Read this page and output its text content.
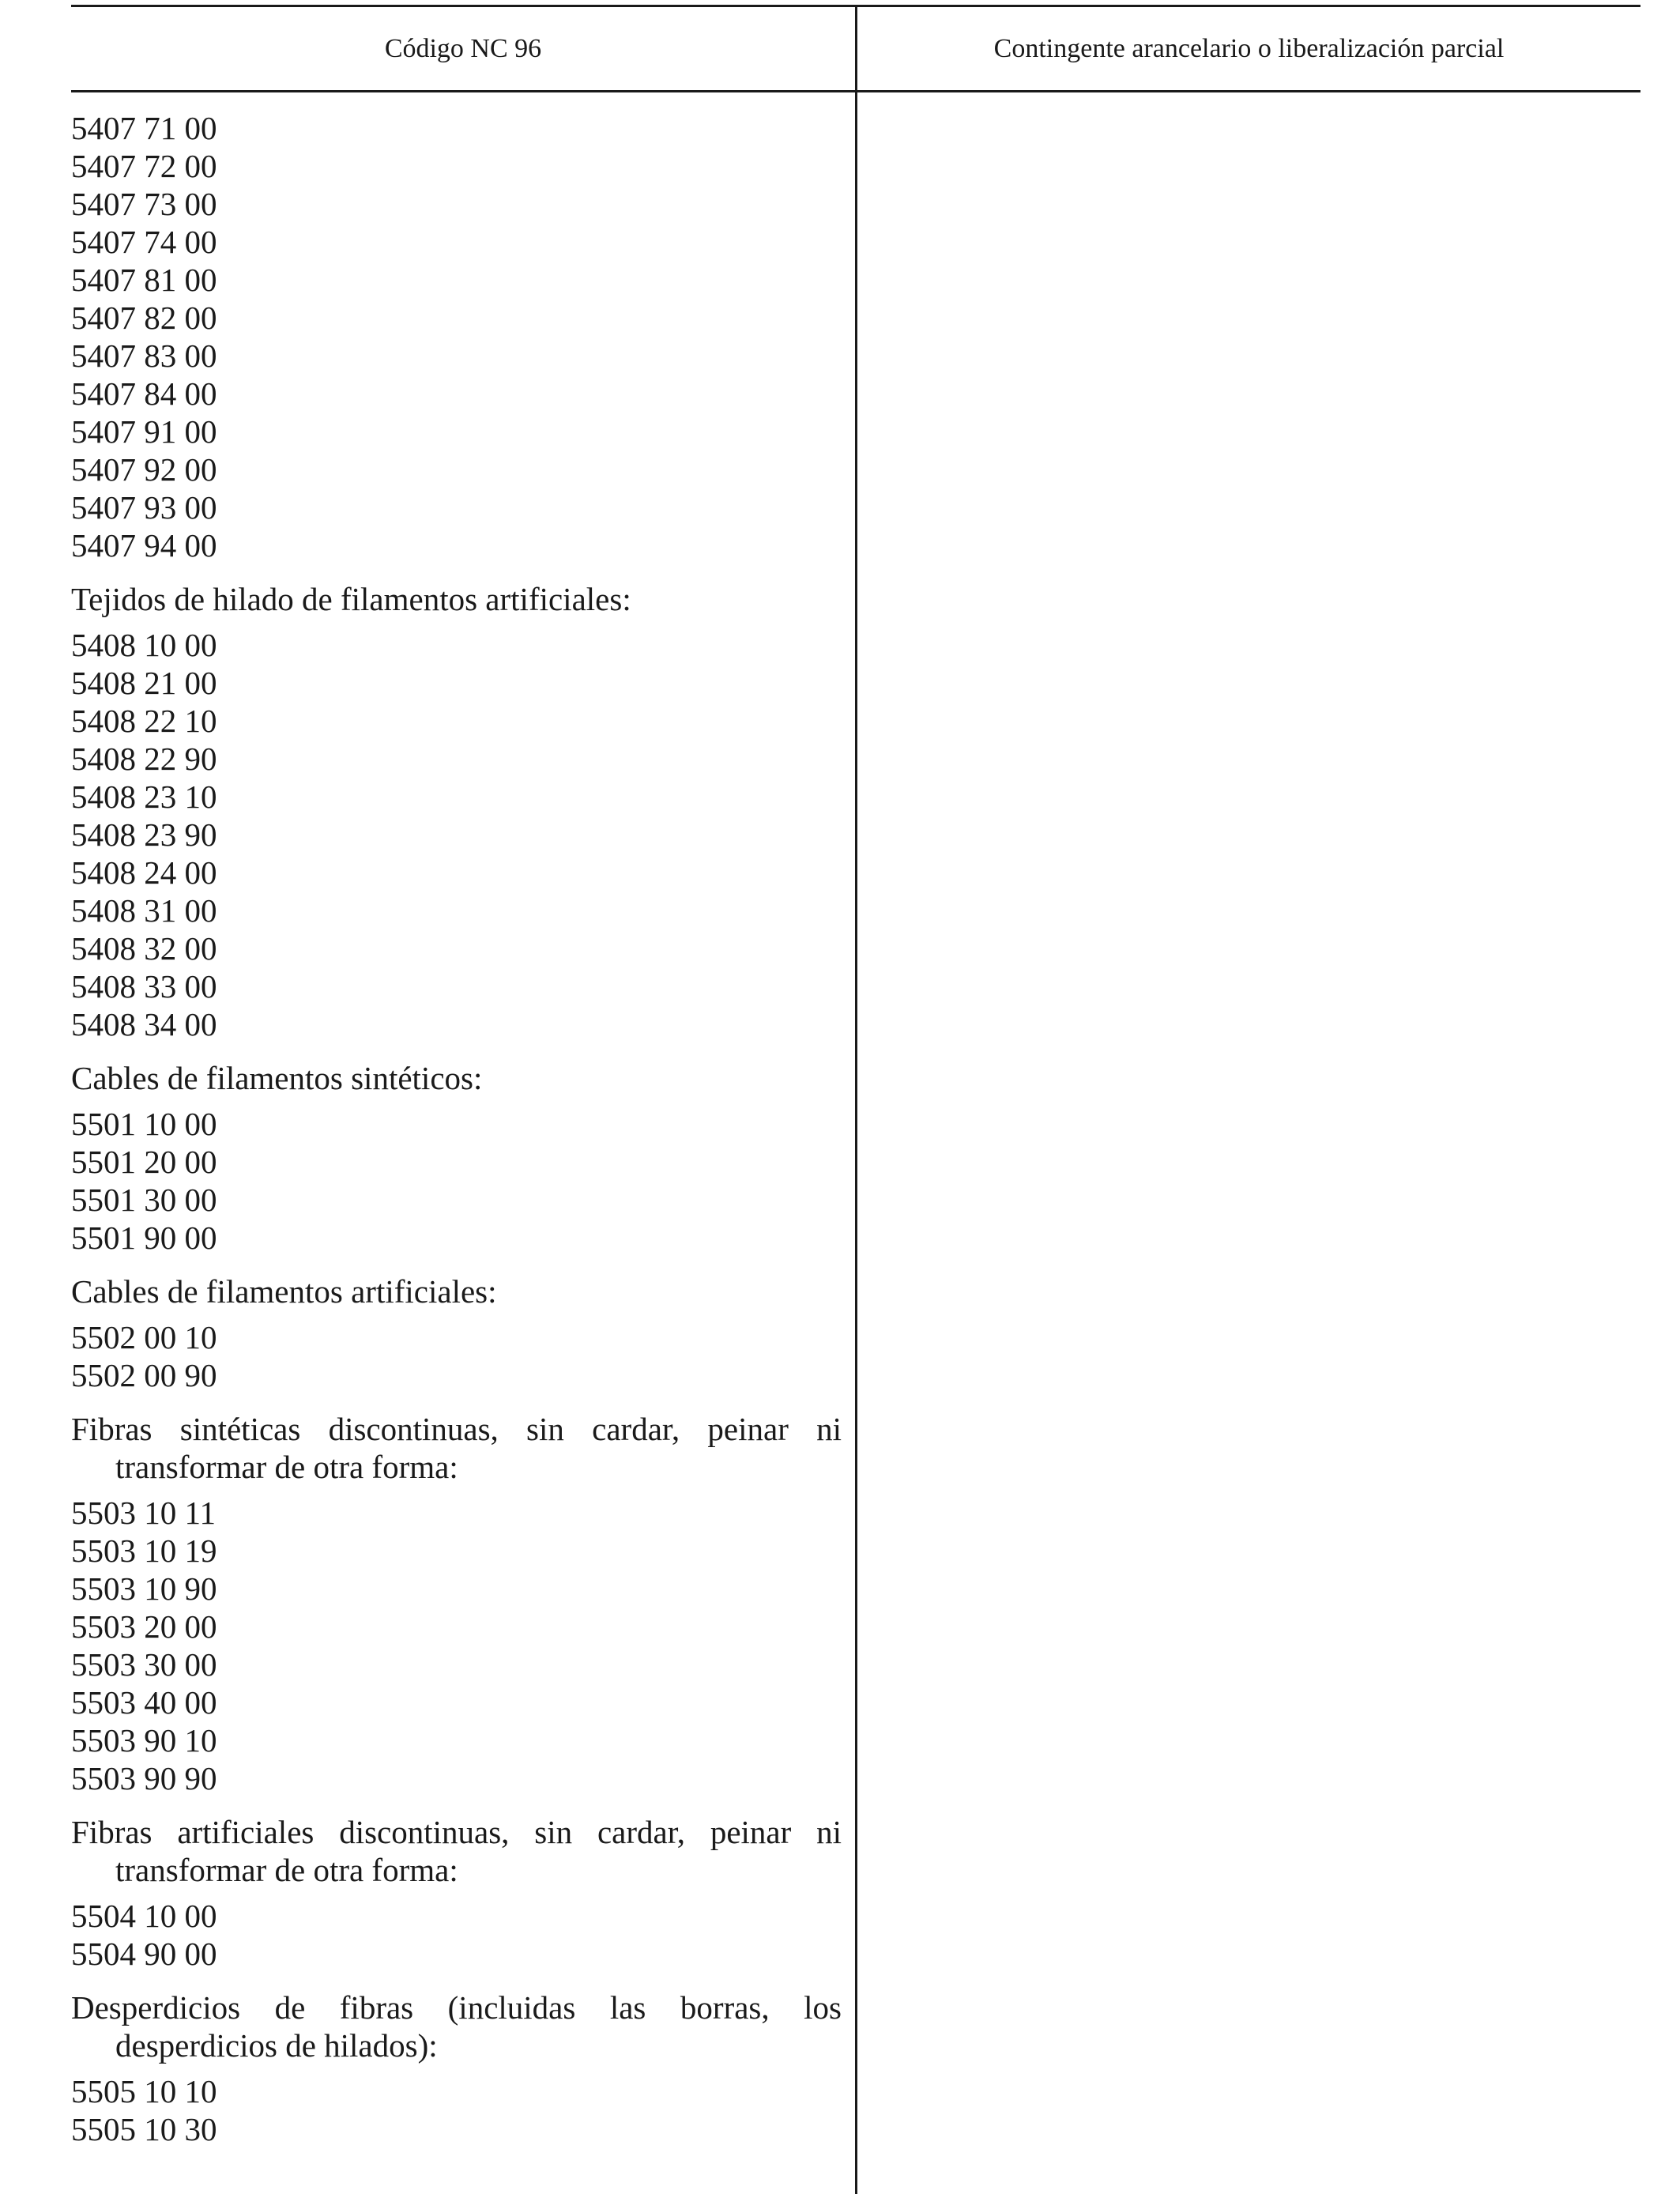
Código NC 96	Contingente arancelario o liberalización parcial
5407 71 00
5407 72 00
5407 73 00
5407 74 00
5407 81 00
5407 82 00
5407 83 00
5407 84 00
5407 91 00
5407 92 00
5407 93 00
5407 94 00
Tejidos de hilado de filamentos artificiales:
5408 10 00
5408 21 00
5408 22 10
5408 22 90
5408 23 10
5408 23 90
5408 24 00
5408 31 00
5408 32 00
5408 33 00
5408 34 00
Cables de filamentos sintéticos:
5501 10 00
5501 20 00
5501 30 00
5501 90 00
Cables de filamentos artificiales:
5502 00 10
5502 00 90
Fibras sintéticas discontinuas, sin cardar, peinar ni transformar de otra forma:
5503 10 11
5503 10 19
5503 10 90
5503 20 00
5503 30 00
5503 40 00
5503 90 10
5503 90 90
Fibras artificiales discontinuas, sin cardar, peinar ni transformar de otra forma:
5504 10 00
5504 90 00
Desperdicios de fibras (incluidas las borras, los desperdicios de hilados):
5505 10 10
5505 10 30
